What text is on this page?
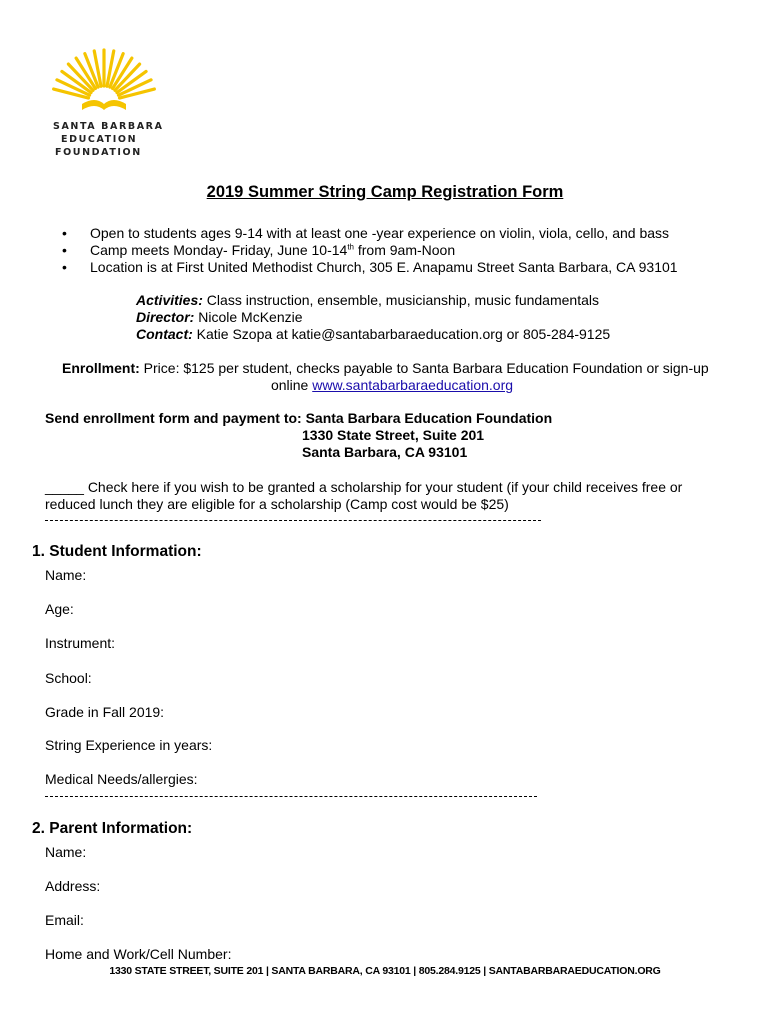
SANTA BARBARA
EDUCATION
FOUNDATION
2019 Summer String Camp Registration Form
•	Open to students ages 9-14 with at least one -year experience on violin, viola, cello, and bass
•	Camp meets Monday- Friday, June 10-14th from 9am-Noon
•	Location is at First United Methodist Church, 305 E. Anapamu Street Santa Barbara, CA 93101
Activities: Class instruction, ensemble, musicianship, music fundamentals
Director: Nicole McKenzie
Contact: Katie Szopa at katie@santabarbaraeducation.org or 805-284-9125
Enrollment: Price: $125 per student, checks payable to Santa Barbara Education Foundation or sign-up
online www.santabarbaraeducation.org
Send enrollment form and payment to: Santa Barbara Education Foundation
1330 State Street, Suite 201
Santa Barbara, CA 93101
_____ Check here if you wish to be granted a scholarship for your student (if your child receives free or
reduced lunch they are eligible for a scholarship (Camp cost would be $25)
1. Student Information:
Name:
Age:
Instrument:
School:
Grade in Fall 2019:
String Experience in years:
Medical Needs/allergies:
2. Parent Information:
Name:
Address:
Email:
Home and Work/Cell Number:
1330 STATE STREET, SUITE 201 | SANTA BARBARA, CA 93101 | 805.284.9125 | SANTABARBARAEDUCATION.ORG
